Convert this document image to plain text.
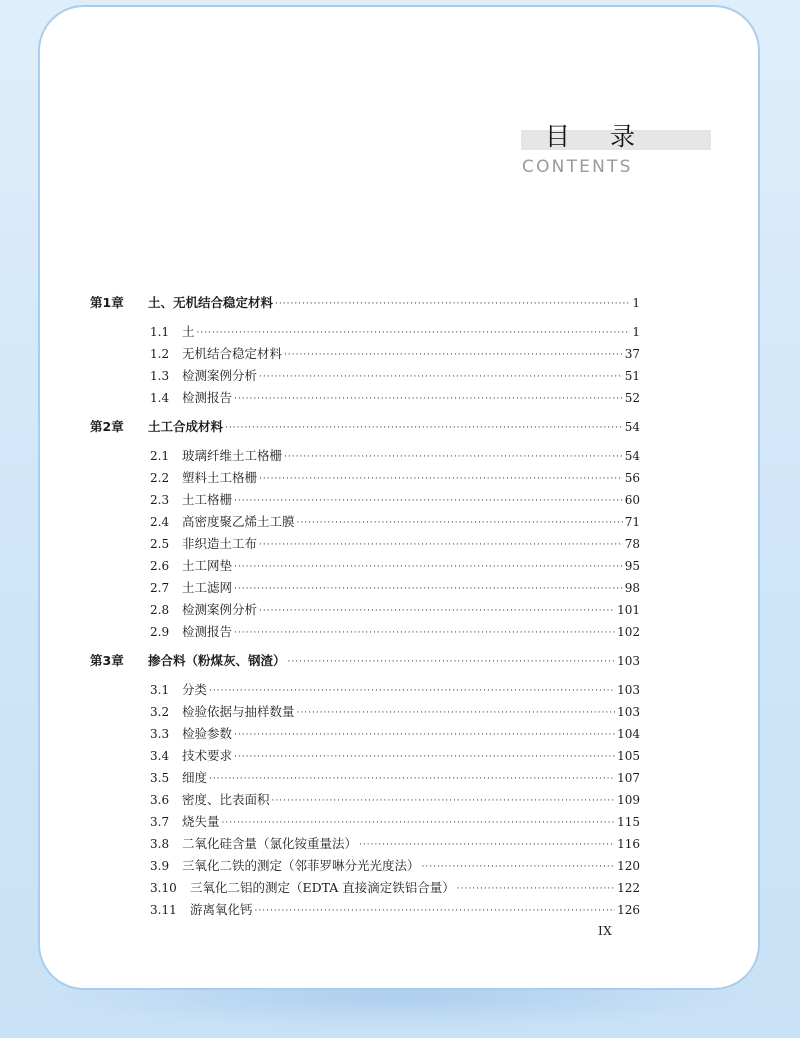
目录
CONTENTS
第1章	土、无机结合稳定材料 ·····	1
1.1	土 ·····	1
1.2	无机结合稳定材料 ·····	37
1.3	检测案例分析 ·····	51
1.4	检测报告 ·····	52
第2章	土工合成材料 ·····	54
2.1	玻璃纤维土工格栅 ·····	54
2.2	塑料土工格栅 ·····	56
2.3	土工格栅 ·····	60
2.4	高密度聚乙烯土工膜 ·····	71
2.5	非织造土工布 ·····	78
2.6	土工网垫 ·····	95
2.7	土工滤网 ·····	98
2.8	检测案例分析 ·····	101
2.9	检测报告 ·····	102
第3章	掺合料（粉煤灰、钢渣） ·····	103
3.1	分类 ·····	103
3.2	检验依据与抽样数量 ·····	103
3.3	检验参数 ·····	104
3.4	技术要求 ·····	105
3.5	细度 ·····	107
3.6	密度、比表面积 ·····	109
3.7	烧失量 ·····	115
3.8	二氧化硅含量（氯化铵重量法） ·····	116
3.9	三氧化二铁的测定（邻菲罗啉分光光度法） ·····	120
3.10	三氧化二铝的测定（EDTA 直接滴定铁铝合量） ·····	122
3.11	游离氧化钙 ·····	126
IX
